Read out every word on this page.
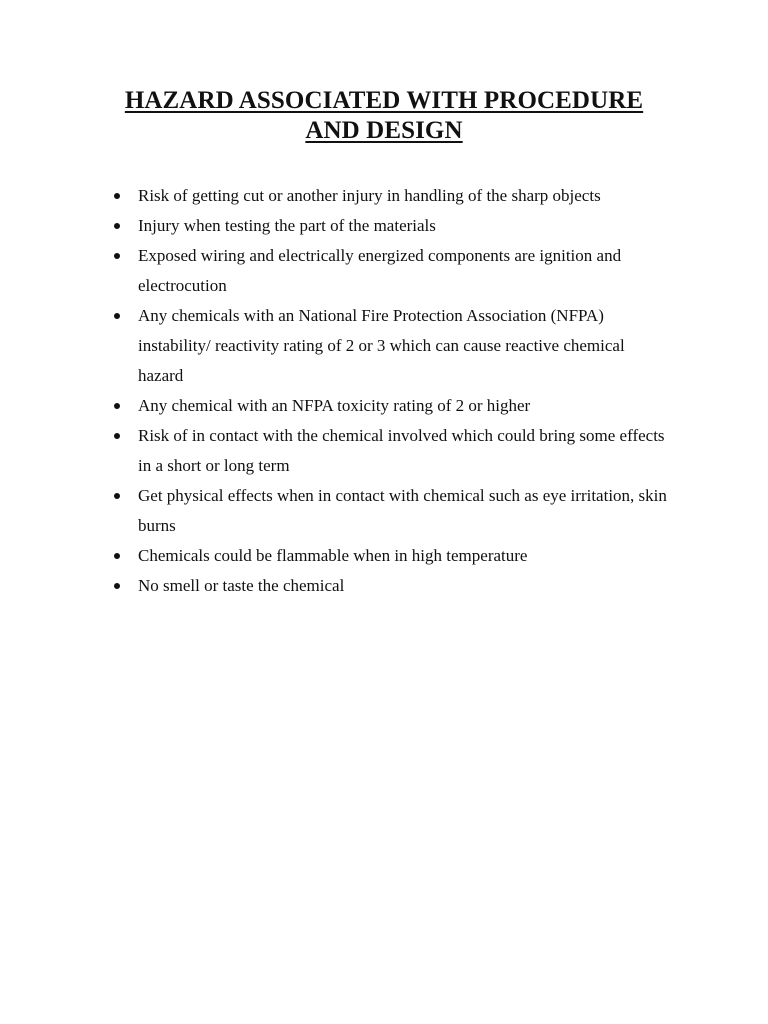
HAZARD ASSOCIATED WITH PROCEDURE
AND DESIGN
Risk of getting cut or another injury in handling of the sharp objects
Injury when testing the part of the materials
Exposed wiring and electrically energized components are ignition and electrocution
Any chemicals with an National Fire Protection Association (NFPA) instability/ reactivity rating of 2 or 3 which can cause reactive chemical hazard
Any chemical with an NFPA toxicity rating of 2 or higher
Risk of in contact with the chemical involved which could bring some effects in a short or long term
Get physical effects when in contact with chemical such as eye irritation, skin burns
Chemicals could be flammable when in high temperature
No smell or taste the chemical
